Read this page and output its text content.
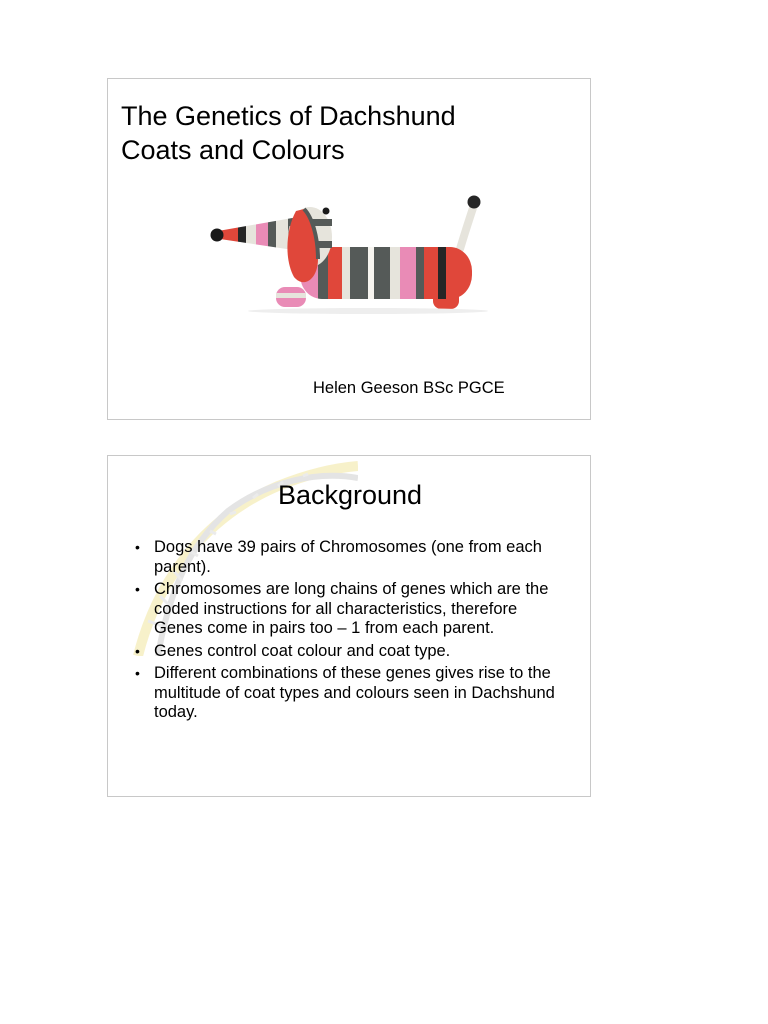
The Genetics of Dachshund
Coats and Colours

Helen Geeson BSc PGCE

Background
• Dogs have 39 pairs of Chromosomes (one from each parent).
• Chromosomes are long chains of genes which are the coded instructions for all characteristics, therefore Genes come in pairs too – 1 from each parent.
• Genes control coat colour and coat type.
• Different combinations of these genes gives rise to the multitude of coat types and colours seen in Dachshund today.
